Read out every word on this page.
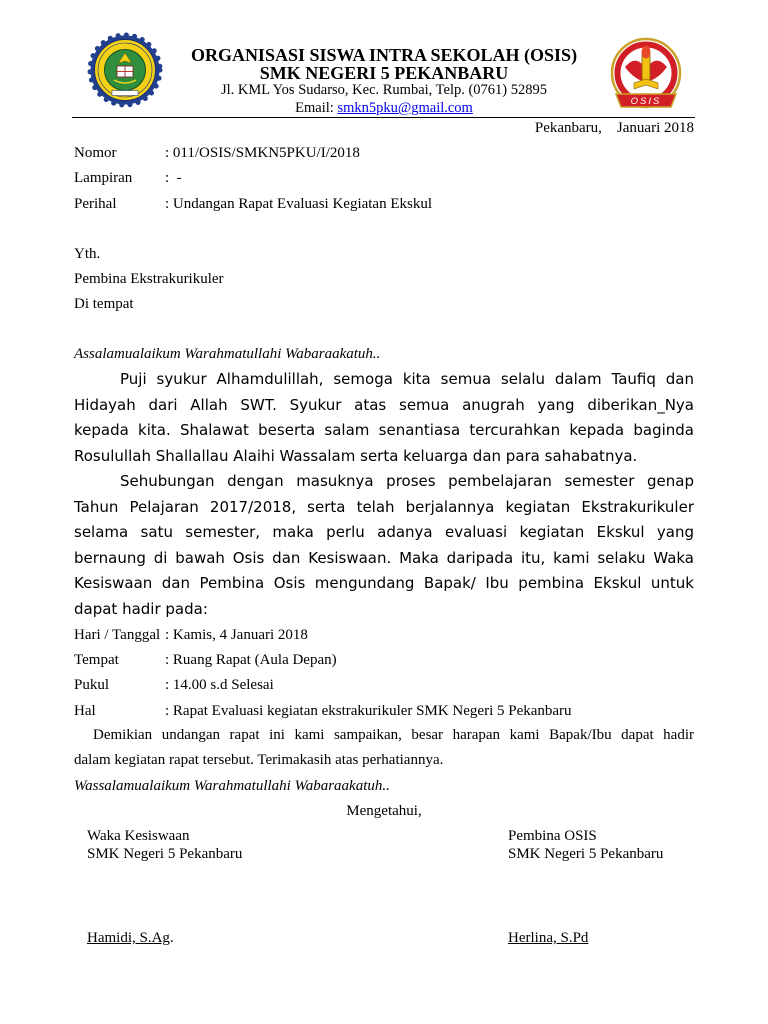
OSIS
ORGANISASI SISWA INTRA SEKOLAH (OSIS)
SMK NEGERI 5 PEKANBARU
Jl. KML Yos Sudarso, Kec. Rumbai, Telp. (0761) 52895
Email: smkn5pku@gmail.com
Pekanbaru,    Januari 2018
Nomor	: 011/OSIS/SMKN5PKU/I/2018
Lampiran :  -
Perihal	: Undangan Rapat Evaluasi Kegiatan Ekskul
Yth.
Pembina Ekstrakurikuler
Di tempat
Assalamualaikum Warahmatullahi Wabaraakatuh..
Puji syukur Alhamdulillah, semoga kita semua selalu dalam Taufiq dan
Hidayah dari Allah SWT. Syukur atas semua anugrah yang diberikan_Nya
kepada kita. Shalawat beserta salam senantiasa tercurahkan kepada baginda
Rosulullah Shallallau Alaihi Wassalam serta keluarga dan para sahabatnya.
Sehubungan dengan masuknya proses pembelajaran semester genap
Tahun Pelajaran 2017/2018, serta telah berjalannya kegiatan Ekstrakurikuler
selama satu semester, maka perlu adanya evaluasi kegiatan Ekskul yang
bernaung di bawah Osis dan Kesiswaan. Maka daripada itu, kami selaku Waka
Kesiswaan dan Pembina Osis mengundang Bapak/ Ibu pembina Ekskul untuk
dapat hadir pada:
Hari / Tanggal : Kamis, 4 Januari 2018
Tempat	: Ruang Rapat (Aula Depan)
Pukul	: 14.00 s.d Selesai
Hal	: Rapat Evaluasi kegiatan ekstrakurikuler SMK Negeri 5 Pekanbaru
Demikian undangan rapat ini kami sampaikan, besar harapan kami Bapak/Ibu dapat hadir
dalam kegiatan rapat tersebut. Terimakasih atas perhatiannya.
Wassalamualaikum Warahmatullahi Wabaraakatuh..
Mengetahui,
Waka Kesiswaan
SMK Negeri 5 Pekanbaru
Pembina OSIS
SMK Negeri 5 Pekanbaru
Hamidi, S.Ag.	Herlina, S.Pd
